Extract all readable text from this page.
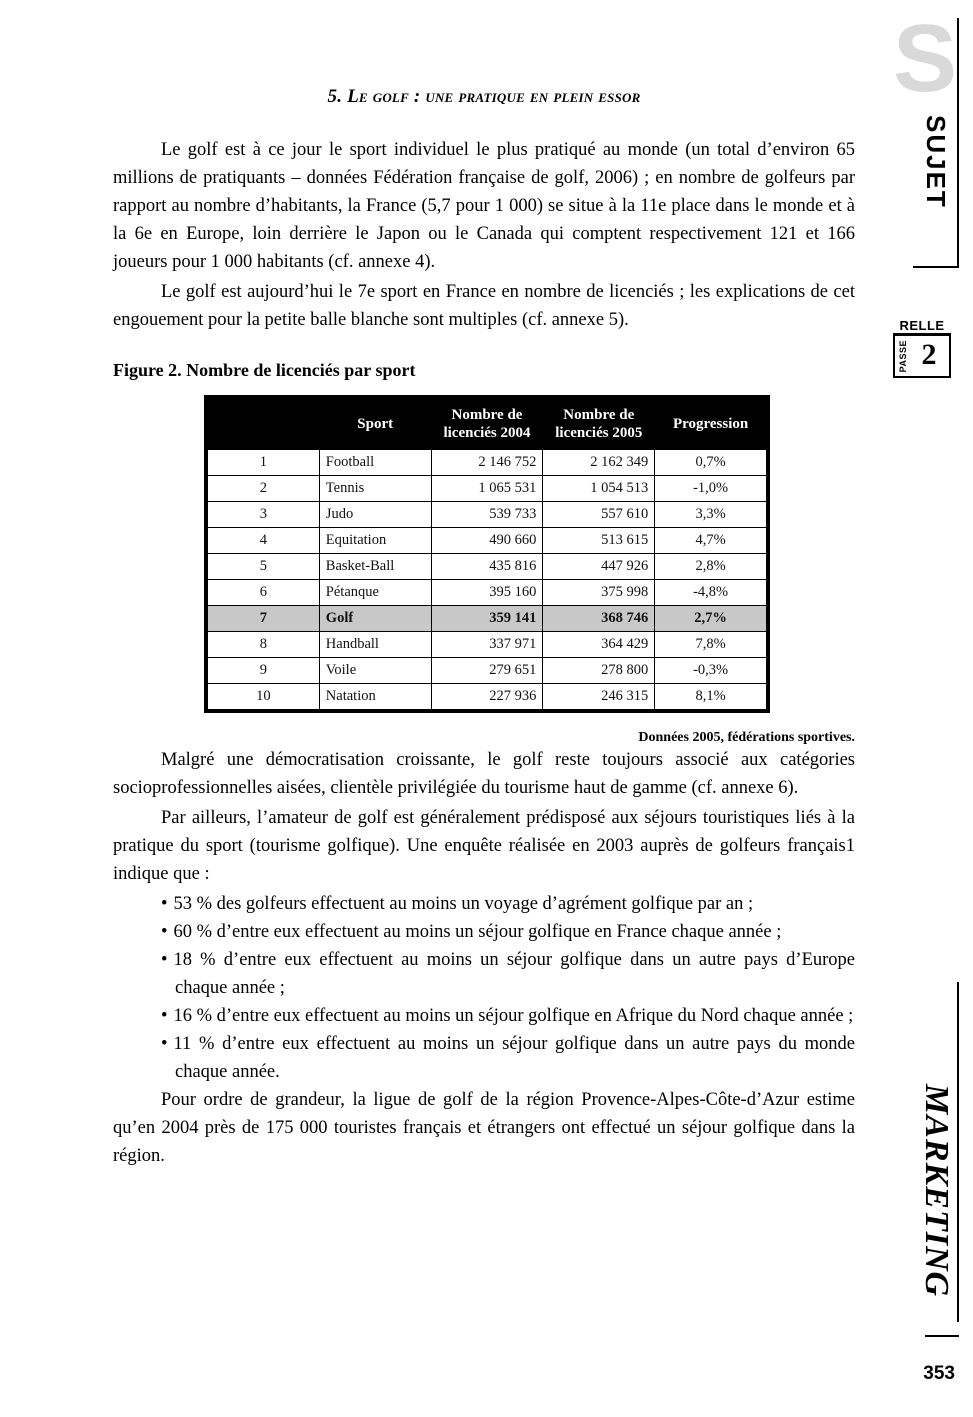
S
SUJET
RELLE
PASSE 2
MARKETING
353
5. Le golf : une pratique en plein essor

Le golf est à ce jour le sport individuel le plus pratiqué au monde (un total d’environ 65 millions de pratiquants – données Fédération française de golf, 2006) ; en nombre de golfeurs par rapport au nombre d’habitants, la France (5,7 pour 1 000) se situe à la 11e place dans le monde et à la 6e en Europe, loin derrière le Japon ou le Canada qui comptent respectivement 121 et 166 joueurs pour 1 000 habitants (cf. annexe 4).

Le golf est aujourd’hui le 7e sport en France en nombre de licenciés ; les explications de cet engouement pour la petite balle blanche sont multiples (cf. annexe 5).

Figure 2. Nombre de licenciés par sport
	Sport	Nombre de licenciés 2004	Nombre de licenciés 2005	Progression
1	Football	2 146 752	2 162 349	0,7%
2	Tennis	1 065 531	1 054 513	-1,0%
3	Judo	539 733	557 610	3,3%
4	Equitation	490 660	513 615	4,7%
5	Basket-Ball	435 816	447 926	2,8%
6	Pétanque	395 160	375 998	-4,8%
7	Golf	359 141	368 746	2,7%
8	Handball	337 971	364 429	7,8%
9	Voile	279 651	278 800	-0,3%
10	Natation	227 936	246 315	8,1%
Données 2005, fédérations sportives.

Malgré une démocratisation croissante, le golf reste toujours associé aux catégories socioprofessionnelles aisées, clientèle privilégiée du tourisme haut de gamme (cf. annexe 6).

Par ailleurs, l’amateur de golf est généralement prédisposé aux séjours touristiques liés à la pratique du sport (tourisme golfique). Une enquête réalisée en 2003 auprès de golfeurs français1 indique que :

• 53 % des golfeurs effectuent au moins un voyage d’agrément golfique par an ;
• 60 % d’entre eux effectuent au moins un séjour golfique en France chaque année ;
• 18 % d’entre eux effectuent au moins un séjour golfique dans un autre pays d’Europe chaque année ;
• 16 % d’entre eux effectuent au moins un séjour golfique en Afrique du Nord chaque année ;
• 11 % d’entre eux effectuent au moins un séjour golfique dans un autre pays du monde chaque année.

Pour ordre de grandeur, la ligue de golf de la région Provence-Alpes-Côte-d’Azur estime qu’en 2004 près de 175 000 touristes français et étrangers ont effectué un séjour golfique dans la région.
